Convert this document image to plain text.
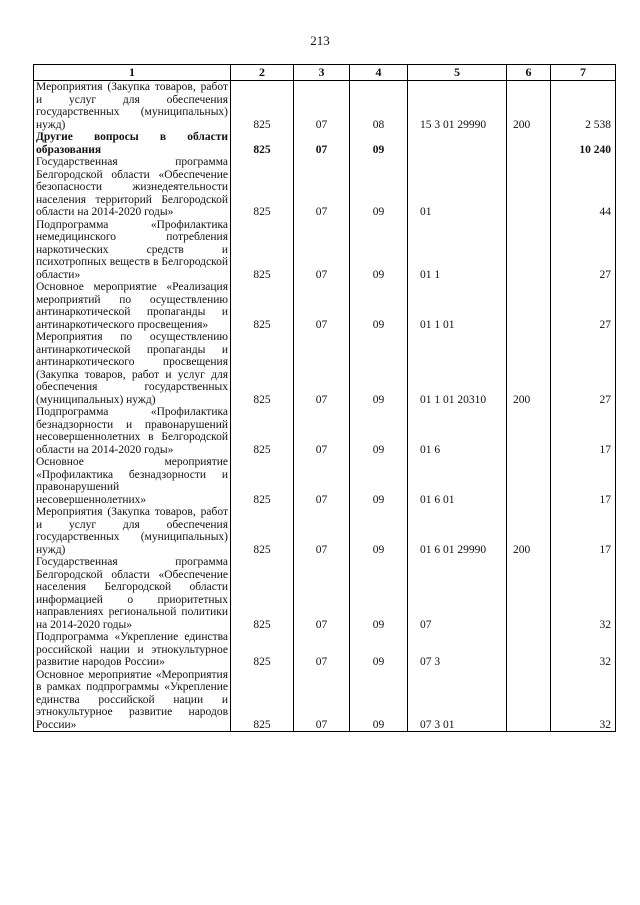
213
1	2	3	4	5	6	7
Мероприятия (Закупка товаров, работ и услуг для обеспечения государственных (муниципальных) нужд)	825	07	08	15 3 01 29990	200	2 538
Другие вопросы в области образования	825	07	09			10 240
Государственная программа Белгородской области «Обеспечение безопасности жизнедеятельности населения территорий Белгородской области на 2014-2020 годы»	825	07	09	01		44
Подпрограмма «Профилактика немедицинского потребления наркотических средств и психотропных веществ в Белгородской области»	825	07	09	01 1		27
Основное мероприятие «Реализация мероприятий по осуществлению антинаркотической пропаганды и антинаркотического просвещения»	825	07	09	01 1 01		27
Мероприятия по осуществлению антинаркотической пропаганды и антинаркотического просвещения (Закупка товаров, работ и услуг для обеспечения государственных (муниципальных) нужд)	825	07	09	01 1 01 20310	200	27
Подпрограмма «Профилактика безнадзорности и правонарушений несовершеннолетних в Белгородской области на 2014-2020 годы»	825	07	09	01 6		17
Основное мероприятие «Профилактика безнадзорности и правонарушений несовершеннолетних»	825	07	09	01 6 01		17
Мероприятия (Закупка товаров, работ и услуг для обеспечения государственных (муниципальных) нужд)	825	07	09	01 6 01 29990	200	17
Государственная программа Белгородской области «Обеспечение населения Белгородской области информацией о приоритетных направлениях региональной политики на 2014-2020 годы»	825	07	09	07		32
Подпрограмма «Укрепление единства российской нации и этнокультурное развитие народов России»	825	07	09	07 3		32
Основное мероприятие «Мероприятия в рамках подпрограммы «Укрепление единства российской нации и этнокультурное развитие народов России»	825	07	09	07 3 01		32
